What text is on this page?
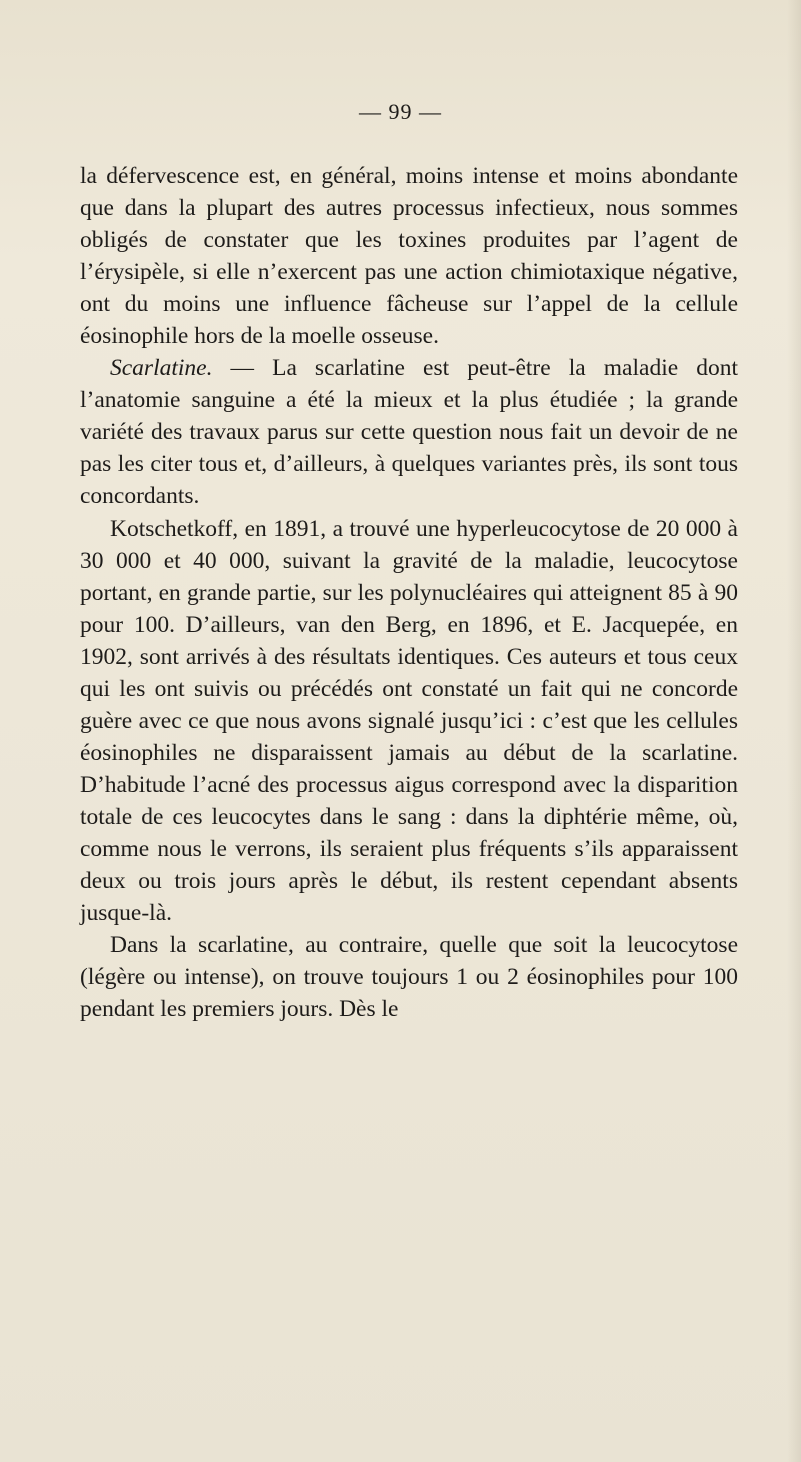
— 99 —

la défervescence est, en général, moins intense et moins abondante que dans la plupart des autres processus infectieux, nous sommes obligés de constater que les toxines produites par l’agent de l’érysipèle, si elle n’exercent pas une action chimiotaxique négative, ont du moins une influence fâcheuse sur l’appel de la cellule éosinophile hors de la moelle osseuse.

Scarlatine. — La scarlatine est peut-être la maladie dont l’anatomie sanguine a été la mieux et la plus étudiée ; la grande variété des travaux parus sur cette question nous fait un devoir de ne pas les citer tous et, d’ailleurs, à quelques variantes près, ils sont tous concordants.

Kotschetkoff, en 1891, a trouvé une hyperleucocytose de 20 000 à 30 000 et 40 000, suivant la gravité de la maladie, leucocytose portant, en grande partie, sur les polynucléaires qui atteignent 85 à 90 pour 100. D’ailleurs, van den Berg, en 1896, et E. Jacquepée, en 1902, sont arrivés à des résultats identiques. Ces auteurs et tous ceux qui les ont suivis ou précédés ont constaté un fait qui ne concorde guère avec ce que nous avons signalé jusqu’ici : c’est que les cellules éosinophiles ne disparaissent jamais au début de la scarlatine. D’habitude l’acné des processus aigus correspond avec la disparition totale de ces leucocytes dans le sang : dans la diphtérie même, où, comme nous le verrons, ils seraient plus fréquents s’ils apparaissent deux ou trois jours après le début, ils restent cependant absents jusque-là.

Dans la scarlatine, au contraire, quelle que soit la leucocytose (légère ou intense), on trouve toujours 1 ou 2 éosinophiles pour 100 pendant les premiers jours. Dès le
